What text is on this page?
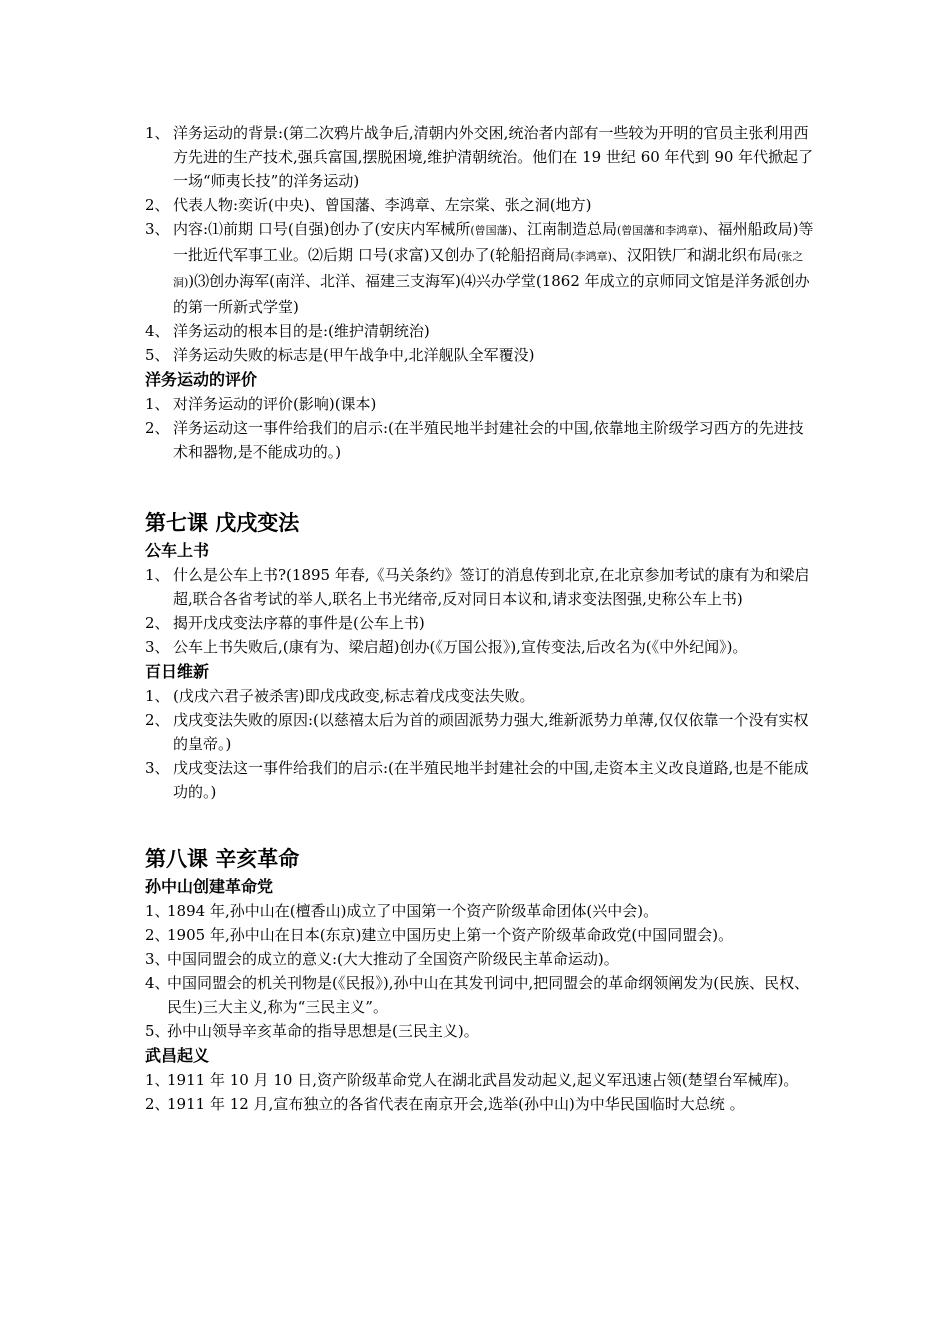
1、 洋务运动的背景:(第二次鸦片战争后,清朝内外交困,统治者内部有一些较为开明的官员主张利用西方先进的生产技术,强兵富国,摆脱困境,维护清朝统治。他们在 19 世纪 60 年代到 90 年代掀起了一场“师夷长技”的洋务运动)
2、 代表人物:奕䜣(中央)、曾国藩、李鸿章、左宗棠、张之洞(地方)
3、 内容:⑴前期 口号(自强)创办了(安庆内军械所(曾国藩)、江南制造总局(曾国藩和李鸿章)、福州船政局)等一批近代军事工业。⑵后期 口号(求富)又创办了(轮船招商局(李鸿章)、汉阳铁厂和湖北织布局(张之洞))⑶创办海军(南洋、北洋、福建三支海军)⑷兴办学堂(1862 年成立的京师同文馆是洋务派创办的第一所新式学堂)
4、 洋务运动的根本目的是:(维护清朝统治)
5、 洋务运动失败的标志是(甲午战争中,北洋舰队全军覆没)
洋务运动的评价
1、 对洋务运动的评价(影响)(课本)
2、 洋务运动这一事件给我们的启示:(在半殖民地半封建社会的中国,依靠地主阶级学习西方的先进技术和器物,是不能成功的。)
第七课 戊戌变法
公车上书
1、 什么是公车上书?(1895 年春,《马关条约》签订的消息传到北京,在北京参加考试的康有为和梁启超,联合各省考试的举人,联名上书光绪帝,反对同日本议和,请求变法图强,史称公车上书)
2、 揭开戊戌变法序幕的事件是(公车上书)
3、 公车上书失败后,(康有为、梁启超)创办(《万国公报》),宣传变法,后改名为(《中外纪闻》)。
百日维新
1、 (戊戌六君子被杀害)即戊戌政变,标志着戊戌变法失败。
2、 戊戌变法失败的原因:(以慈禧太后为首的顽固派势力强大,维新派势力单薄,仅仅依靠一个没有实权的皇帝。)
3、 戊戌变法这一事件给我们的启示:(在半殖民地半封建社会的中国,走资本主义改良道路,也是不能成功的。)
第八课 辛亥革命
孙中山创建革命党
1、
1894 年,孙中山在(檀香山)成立了中国第一个资产阶级革命团体(兴中会)。
2、
1905 年,孙中山在日本(东京)建立中国历史上第一个资产阶级革命政党(中国同盟会)。
3、
中国同盟会的成立的意义:(大大推动了全国资产阶级民主革命运动)。
4、
中国同盟会的机关刊物是(《民报》),孙中山在其发刊词中,把同盟会的革命纲领阐发为(民族、民权、民生)三大主义,称为“三民主义”。
5、
孙中山领导辛亥革命的指导思想是(三民主义)。
武昌起义
1、
1911 年 10 月 10 日,资产阶级革命党人在湖北武昌发动起义,起义军迅速占领(楚望台军械库)。
2、
1911 年 12 月,宣布独立的各省代表在南京开会,选举(孙中山)为中华民国临时大总统 。
